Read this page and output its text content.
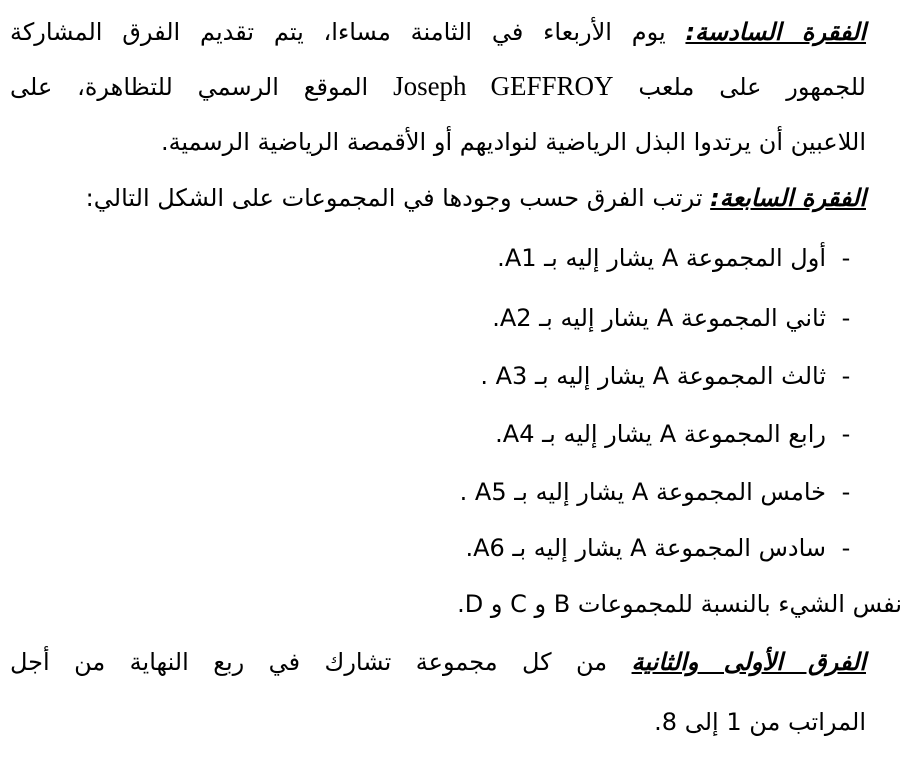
الفقرة السادسة: يوم الأربعاء في الثامنة مساءا، يتم تقديم الفرق المشاركة
للجمهور على ملعب Joseph GEFFROY الموقع الرسمي للتظاهرة، على
اللاعبين أن يرتدوا البذل الرياضية لنواديهم أو الأقمصة الرياضية الرسمية.
الفقرة السابعة: ترتب الفرق حسب وجودها في المجموعات على الشكل التالي:
-أول المجموعة A يشار إليه بـ A1.
-ثاني المجموعة A يشار إليه بـ A2.
-ثالث المجموعة A يشار إليه بـ A3 .
-رابع المجموعة A يشار إليه بـ A4.
-خامس المجموعة A يشار إليه بـ A5 .
-سادس المجموعة A يشار إليه بـ A6.
نفس الشيء بالنسبة للمجموعات B و C و D.
الفرق الأولى والثانية من كل مجموعة تشارك في ربع النهاية من أجل
المراتب من 1 إلى 8.
